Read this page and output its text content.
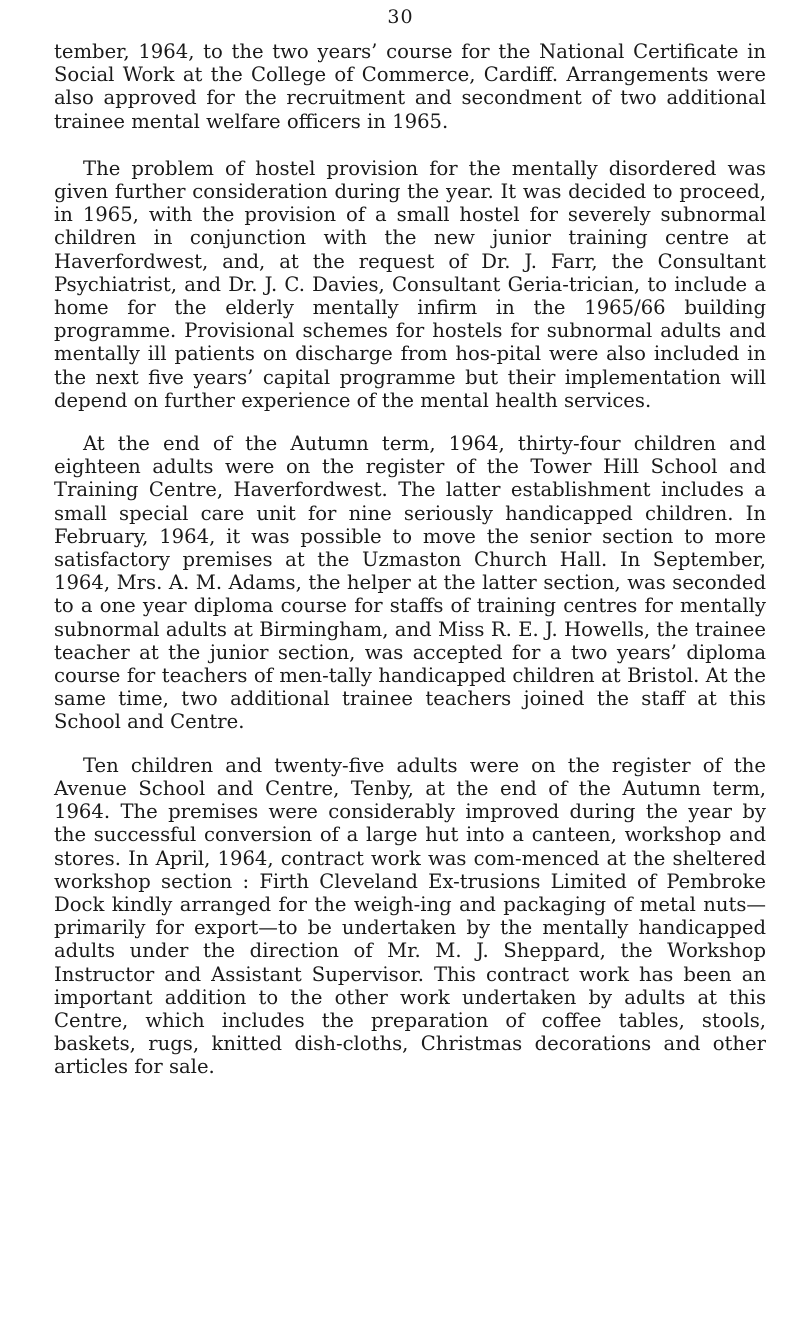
30

tember, 1964, to the two years’ course for the National Certificate in Social Work at the College of Commerce, Cardiff. Arrangements were also approved for the recruitment and secondment of two additional trainee mental welfare officers in 1965.

The problem of hostel provision for the mentally disordered was given further consideration during the year. It was decided to proceed, in 1965, with the provision of a small hostel for severely subnormal children in conjunction with the new junior training centre at Haverfordwest, and, at the request of Dr. J. Farr, the Consultant Psychiatrist, and Dr. J. C. Davies, Consultant Geria-trician, to include a home for the elderly mentally infirm in the 1965/66 building programme. Provisional schemes for hostels for subnormal adults and mentally ill patients on discharge from hos-pital were also included in the next five years’ capital programme but their implementation will depend on further experience of the mental health services.

At the end of the Autumn term, 1964, thirty-four children and eighteen adults were on the register of the Tower Hill School and Training Centre, Haverfordwest. The latter establishment includes a small special care unit for nine seriously handicapped children. In February, 1964, it was possible to move the senior section to more satisfactory premises at the Uzmaston Church Hall. In September, 1964, Mrs. A. M. Adams, the helper at the latter section, was seconded to a one year diploma course for staffs of training centres for mentally subnormal adults at Birmingham, and Miss R. E. J. Howells, the trainee teacher at the junior section, was accepted for a two years’ diploma course for teachers of men-tally handicapped children at Bristol. At the same time, two additional trainee teachers joined the staff at this School and Centre.

Ten children and twenty-five adults were on the register of the Avenue School and Centre, Tenby, at the end of the Autumn term, 1964. The premises were considerably improved during the year by the successful conversion of a large hut into a canteen, workshop and stores. In April, 1964, contract work was com-menced at the sheltered workshop section : Firth Cleveland Ex-trusions Limited of Pembroke Dock kindly arranged for the weigh-ing and packaging of metal nuts—primarily for export—to be undertaken by the mentally handicapped adults under the direction of Mr. M. J. Sheppard, the Workshop Instructor and Assistant Supervisor. This contract work has been an important addition to the other work undertaken by adults at this Centre, which includes the preparation of coffee tables, stools, baskets, rugs, knitted dish-cloths, Christmas decorations and other articles for sale.
